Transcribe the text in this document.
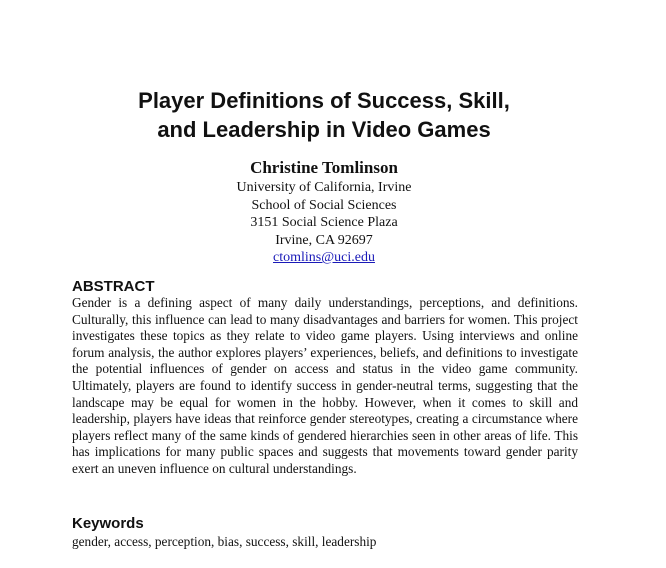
Player Definitions of Success, Skill,
and Leadership in Video Games
Christine Tomlinson
University of California, Irvine
School of Social Sciences
3151 Social Science Plaza
Irvine, CA 92697
ctomlins@uci.edu
ABSTRACT
Gender is a defining aspect of many daily understandings, perceptions, and definitions. Culturally, this influence can lead to many disadvantages and barriers for women. This project investigates these topics as they relate to video game players. Using interviews and online forum analysis, the author explores players’ experiences, beliefs, and definitions to investigate the potential influences of gender on access and status in the video game community. Ultimately, players are found to identify success in gender-neutral terms, suggesting that the landscape may be equal for women in the hobby. However, when it comes to skill and leadership, players have ideas that reinforce gender stereotypes, creating a circumstance where players reflect many of the same kinds of gendered hierarchies seen in other areas of life. This has implications for many public spaces and suggests that movements toward gender parity exert an uneven influence on cultural understandings.
Keywords
gender, access, perception, bias, success, skill, leadership
